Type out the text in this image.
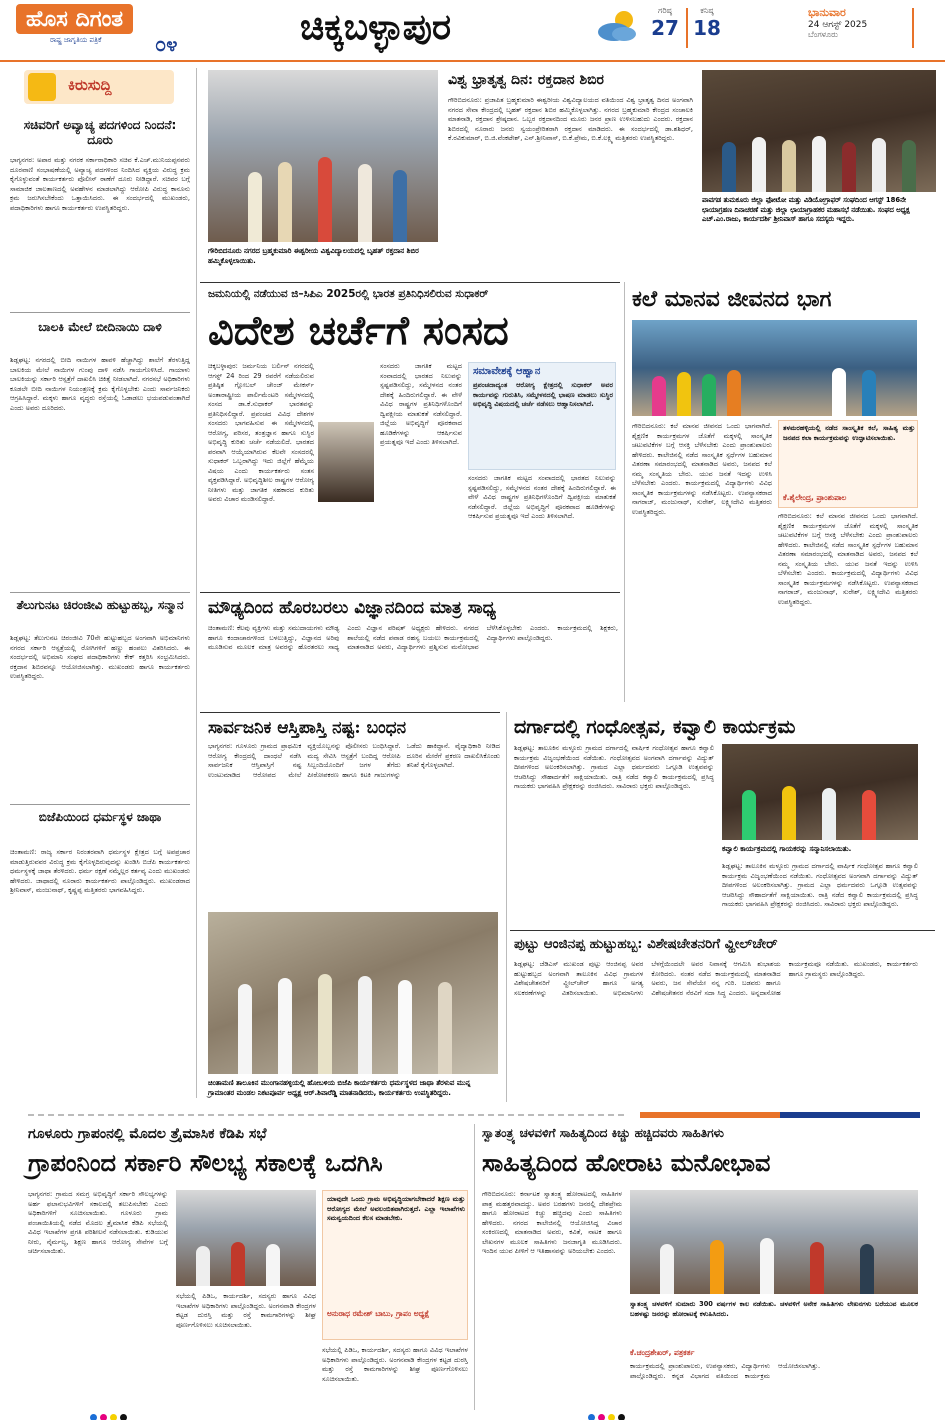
ಹೊಸ ದಿಗಂತ
ರಾಷ್ಟ್ರ ಜಾಗೃತಿಯ ಪತ್ರಿಕೆ	೦೪	ಚಿಕ್ಕಬಳ್ಳಾಪುರ	ಗರಿಷ್ಠ
27
ಕನಿಷ್ಠ
18
ಭಾನುವಾರ
24 ಆಗಸ್ಟ್ 2025
ಬೆಂಗಳೂರು
ಕಿರುಸುದ್ದಿ
ಸಚಿವರಿಗೆ ಅವ್ಯಾಚ್ಯ ಪದಗಳಿಂದ ನಿಂದನೆ: ದೂರು
ಭಾಗ್ಯನಗರ: ಅಪಾರ ಮತ್ತು ನಗರಕ ಸರ್ಕಾರಾಧಿಕಾರಿ ಸಚಿವ ಕೆ.ಎಚ್.ಮುನಿಯಪ್ಪನವರು ದೂರವಾಣಿ ಸಂಭಾಷಣೆಯಲ್ಲಿ ಅವ್ಯಾಚ್ಯ ಪದಗಳಿಂದ ನಿಂದಿಸಿದ ವ್ಯಕ್ತಿಯ ವಿರುದ್ಧ ಕ್ರಮ ಕೈಗೊಳ್ಳುವಂತೆ ಕಾರ್ಯಕರ್ತರು ಪೊಲೀಸ್ ಠಾಣೆಗೆ ದೂರು ನೀಡಿದ್ದಾರೆ. ಸಚಿವರ ಬಗ್ಗೆ ಸಾಮಾಜಿಕ ಜಾಲತಾಣದಲ್ಲಿ ಅವಹೇಳನ ಮಾಡಲಾಗಿದ್ದು ಆರೋಪಿ ವಿರುದ್ಧ ಕಾನೂನು ಕ್ರಮ ಜರುಗಿಸಬೇಕೆಂದು ಒತ್ತಾಯಿಸಿದರು. ಈ ಸಂದರ್ಭದಲ್ಲಿ ಮುಖಂಡರು, ಪದಾಧಿಕಾರಿಗಳು ಹಾಗೂ ಕಾರ್ಯಕರ್ತರು ಉಪಸ್ಥಿತರಿದ್ದರು.
ಬಾಲಕಿ ಮೇಲೆ ಬೀದಿನಾಯಿ ದಾಳಿ
ಶಿಡ್ಲಘಟ್ಟ: ನಗರದಲ್ಲಿ ಬೀದಿ ನಾಯಿಗಳ ಹಾವಳಿ ಹೆಚ್ಚಾಗಿದ್ದು ಶಾಲೆಗೆ ತೆರಳುತ್ತಿದ್ದ ಬಾಲಕಿಯ ಮೇಲೆ ನಾಯಿಗಳ ಗುಂಪು ದಾಳಿ ನಡೆಸಿ ಗಾಯಗೊಳಿಸಿದೆ. ಗಾಯಾಳು ಬಾಲಕಿಯನ್ನು ಸರ್ಕಾರಿ ಆಸ್ಪತ್ರೆಗೆ ದಾಖಲಿಸಿ ಚಿಕಿತ್ಸೆ ನೀಡಲಾಗಿದೆ. ನಗರಸಭೆ ಅಧಿಕಾರಿಗಳು ಕೂಡಲೇ ಬೀದಿ ನಾಯಿಗಳ ನಿಯಂತ್ರಣಕ್ಕೆ ಕ್ರಮ ಕೈಗೊಳ್ಳಬೇಕು ಎಂದು ಸಾರ್ವಜನಿಕರು ಆಗ್ರಹಿಸಿದ್ದಾರೆ. ಮಕ್ಕಳು ಹಾಗೂ ವೃದ್ಧರು ರಸ್ತೆಯಲ್ಲಿ ಓಡಾಡಲು ಭಯಪಡುವಂತಾಗಿದೆ ಎಂದು ಅವರು ದೂರಿದರು.
ತೆಲುಗುನಟ ಚಿರಂಜೀವಿ ಹುಟ್ಟುಹಬ್ಬ, ಸನ್ಮಾನ
ಶಿಡ್ಲಘಟ್ಟ: ತೆಲುಗುನಟ ಚಿರಂಜೀವಿ 70ನೇ ಹುಟ್ಟುಹಬ್ಬದ ಅಂಗವಾಗಿ ಅಭಿಮಾನಿಗಳು ನಗರದ ಸರ್ಕಾರಿ ಆಸ್ಪತ್ರೆಯಲ್ಲಿ ರೋಗಿಗಳಿಗೆ ಹಣ್ಣು ಹಂಪಲು ವಿತರಿಸಿದರು. ಈ ಸಂದರ್ಭದಲ್ಲಿ ಅಭಿಮಾನಿ ಸಂಘದ ಪದಾಧಿಕಾರಿಗಳು ಕೇಕ್ ಕತ್ತರಿಸಿ ಸಂಭ್ರಮಿಸಿದರು. ರಕ್ತದಾನ ಶಿಬಿರವನ್ನೂ ಆಯೋಜಿಸಲಾಗಿತ್ತು. ಮುಖಂಡರು ಹಾಗೂ ಕಾರ್ಯಕರ್ತರು ಉಪಸ್ಥಿತರಿದ್ದರು.
ಬಿಜೆಪಿಯಿಂದ ಧರ್ಮಸ್ಥಳ ಜಾಥಾ
ಚಿಂತಾಮಣಿ: ರಾಜ್ಯ ಸರ್ಕಾರ ನಿರಂತರವಾಗಿ ಧರ್ಮಸ್ಥಳ ಕ್ಷೇತ್ರದ ಬಗ್ಗೆ ಅಪಪ್ರಚಾರ ಮಾಡುತ್ತಿರುವವರ ವಿರುದ್ಧ ಕ್ರಮ ಕೈಗೊಳ್ಳದಿರುವುದನ್ನು ಖಂಡಿಸಿ ಬಿಜೆಪಿ ಕಾರ್ಯಕರ್ತರು ಧರ್ಮಸ್ಥಳಕ್ಕೆ ಜಾಥಾ ತೆರಳಿದರು. ಧರ್ಮ ರಕ್ಷಣೆ ನಮ್ಮೆಲ್ಲರ ಕರ್ತವ್ಯ ಎಂದು ಮುಖಂಡರು ಹೇಳಿದರು. ಜಾಥಾದಲ್ಲಿ ನೂರಾರು ಕಾರ್ಯಕರ್ತರು ಪಾಲ್ಗೊಂಡಿದ್ದರು. ಮುಖಂಡರಾದ ಶ್ರೀನಿವಾಸ್, ಮಂಜುನಾಥ್, ಕೃಷ್ಣಪ್ಪ ಮತ್ತಿತರರು ಭಾಗವಹಿಸಿದ್ದರು.
ಗೌರಿಬಿದನೂರು ನಗರದ ಬ್ರಹ್ಮಕುಮಾರಿ ಈಶ್ವರೀಯ ವಿಶ್ವವಿದ್ಯಾಲಯದಲ್ಲಿ ಬೃಹತ್ ರಕ್ತದಾನ ಶಿಬಿರ ಹಮ್ಮಿಕೊಳ್ಳಲಾಯಿತು.
ವಿಶ್ವ ಭ್ರಾತೃತ್ವ ದಿನ: ರಕ್ತದಾನ ಶಿಬಿರ
ಗೌರಿಬಿದನೂರು: ಪ್ರಜಾಪಿತ ಬ್ರಹ್ಮಕುಮಾರಿ ಈಶ್ವರೀಯ ವಿಶ್ವವಿದ್ಯಾಲಯದ ವತಿಯಿಂದ ವಿಶ್ವ ಭ್ರಾತೃತ್ವ ದಿನದ ಅಂಗವಾಗಿ ನಗರದ ಸೇವಾ ಕೇಂದ್ರದಲ್ಲಿ ಬೃಹತ್ ರಕ್ತದಾನ ಶಿಬಿರ ಹಮ್ಮಿಕೊಳ್ಳಲಾಗಿತ್ತು. ನಗರದ ಬ್ರಹ್ಮಕುಮಾರಿ ಕೇಂದ್ರದ ಸಂಚಾಲಕಿ ಮಾತನಾಡಿ, ರಕ್ತದಾನ ಶ್ರೇಷ್ಠದಾನ. ಒಬ್ಬರ ರಕ್ತದಾನದಿಂದ ಮೂರು ಜನರ ಪ್ರಾಣ ಉಳಿಸಬಹುದು ಎಂದರು. ರಕ್ತದಾನ ಶಿಬಿರದಲ್ಲಿ ನೂರಾರು ಜನರು ಸ್ವಯಂಪ್ರೇರಿತರಾಗಿ ರಕ್ತದಾನ ಮಾಡಿದರು. ಈ ಸಂದರ್ಭದಲ್ಲಿ ಡಾ.ಶಶಿಧರ್, ಕೆ.ರವಿಕುಮಾರ್, ಬಿ.ಜಿ.ವೆಂಕಟೇಶ್, ಎನ್.ಶ್ರೀನಿವಾಸ್, ಬಿ.ಕೆ.ಪ್ರೇಮ, ಬಿ.ಕೆ.ಲಕ್ಷ್ಮಿ ಮತ್ತಿತರರು ಉಪಸ್ಥಿತರಿದ್ದರು.
ಪಾವಗಡ ತುಮಕೂರು ಜಿಲ್ಲಾ ಫೋಟೋ ಮತ್ತು ವಿಡಿಯೋಗ್ರಾಫರ್ ಸಂಘದಿಂದ ಆಗಸ್ಟ್ 186ನೇ ಛಾಯಾಗ್ರಹಣ ದಿನಾಚರಣೆ ಮತ್ತು ಜಿಲ್ಲಾ ಛಾಯಾಗ್ರಾಹಕರ ಮಹಾಸಭೆ ನಡೆಯಿತು. ಸಂಘದ ಅಧ್ಯಕ್ಷ ಎಚ್.ಎಂ.ರಾಜು, ಕಾರ್ಯದರ್ಶಿ ಶ್ರೀನಿವಾಸ್ ಹಾಗೂ ಸದಸ್ಯರು ಇದ್ದರು.
ಜಮನಿಯಲ್ಲಿ ನಡೆಯುವ ಜಿ–ಸಿಪಿಎ 2025ರಲ್ಲಿ ಭಾರತ ಪ್ರತಿನಿಧಿಸಲಿರುವ ಸುಧಾಕರ್
ವಿದೇಶ ಚರ್ಚೆಗೆ ಸಂಸದ
ಚಿಕ್ಕಬಳ್ಳಾಪುರ: ಜರ್ಮನಿಯ ಬರ್ಲಿನ್ ನಗರದಲ್ಲಿ ಆಗಸ್ಟ್ 24 ರಿಂದ 29 ರವರೆಗೆ ನಡೆಯಲಿರುವ ಪ್ರತಿಷ್ಠಿತ ಗ್ಲೋಬಲ್ ಚೇಂಜ್ ಮೇಕರ್ಸ್ ಅಂತಾರಾಷ್ಟ್ರೀಯ ಪಾರ್ಲಿಮೆಂಟರಿ ಸಮ್ಮೇಳನದಲ್ಲಿ ಸಂಸದ ಡಾ.ಕೆ.ಸುಧಾಕರ್ ಭಾರತವನ್ನು ಪ್ರತಿನಿಧಿಸಲಿದ್ದಾರೆ. ಪ್ರಪಂಚದ ವಿವಿಧ ದೇಶಗಳ ಸಂಸದರು ಭಾಗವಹಿಸುವ ಈ ಸಮ್ಮೇಳನದಲ್ಲಿ ಆರೋಗ್ಯ, ಪರಿಸರ, ತಂತ್ರಜ್ಞಾನ ಹಾಗೂ ಸುಸ್ಥಿರ ಅಭಿವೃದ್ಧಿ ಕುರಿತು ಚರ್ಚೆ ನಡೆಯಲಿದೆ. ಭಾರತದ ಪರವಾಗಿ ಆಯ್ಕೆಯಾಗಿರುವ ಕೆಲವೇ ಸಂಸದರಲ್ಲಿ ಸುಧಾಕರ್ ಒಬ್ಬರಾಗಿದ್ದು ಇದು ಜಿಲ್ಲೆಗೆ ಹೆಮ್ಮೆಯ ವಿಷಯ ಎಂದು ಕಾರ್ಯಕರ್ತರು ಸಂತಸ ವ್ಯಕ್ತಪಡಿಸಿದ್ದಾರೆ. ಅಭಿವೃದ್ಧಿಶೀಲ ರಾಷ್ಟ್ರಗಳ ಆರೋಗ್ಯ ನೀತಿಗಳು ಮತ್ತು ಜಾಗತಿಕ ಸಹಕಾರದ ಕುರಿತು ಅವರು ವಿಚಾರ ಮಂಡಿಸಲಿದ್ದಾರೆ.
ಸಂಸದರು ಜಾಗತಿಕ ಮಟ್ಟದ ಸಂವಾದದಲ್ಲಿ ಭಾರತದ ನಿಲುವನ್ನು ಸ್ಪಷ್ಟಪಡಿಸಲಿದ್ದು, ಸಮ್ಮೇಳನದ ನಂತರ ದೇಶಕ್ಕೆ ಹಿಂದಿರುಗಲಿದ್ದಾರೆ. ಈ ವೇಳೆ ವಿವಿಧ ರಾಷ್ಟ್ರಗಳ ಪ್ರತಿನಿಧಿಗಳೊಂದಿಗೆ ದ್ವಿಪಕ್ಷೀಯ ಮಾತುಕತೆ ನಡೆಸಲಿದ್ದಾರೆ. ಜಿಲ್ಲೆಯ ಅಭಿವೃದ್ಧಿಗೆ ಪೂರಕವಾದ ಹೂಡಿಕೆಗಳನ್ನು ಆಕರ್ಷಿಸುವ ಪ್ರಯತ್ನವೂ ಇದೆ ಎಂದು ತಿಳಿಸಲಾಗಿದೆ.
ಸಮಾವೇಶಕ್ಕೆ ಆಹ್ವಾನ
ಪ್ರಪಂಚದಾದ್ಯಂತ ಆರೋಗ್ಯ ಕ್ಷೇತ್ರದಲ್ಲಿ ಸುಧಾಕರ್ ಅವರ ಕಾರ್ಯವನ್ನು ಗುರುತಿಸಿ, ಸಮ್ಮೇಳನದಲ್ಲಿ ಭಾಷಣ ಮಾಡಲು ಸುಸ್ಥಿರ ಅಭಿವೃದ್ಧಿ ವಿಷಯದಲ್ಲಿ ಚರ್ಚೆ ನಡೆಸಲು ಆಹ್ವಾನಿಸಲಾಗಿದೆ.
ಸಂಸದರು ಜಾಗತಿಕ ಮಟ್ಟದ ಸಂವಾದದಲ್ಲಿ ಭಾರತದ ನಿಲುವನ್ನು ಸ್ಪಷ್ಟಪಡಿಸಲಿದ್ದು, ಸಮ್ಮೇಳನದ ನಂತರ ದೇಶಕ್ಕೆ ಹಿಂದಿರುಗಲಿದ್ದಾರೆ. ಈ ವೇಳೆ ವಿವಿಧ ರಾಷ್ಟ್ರಗಳ ಪ್ರತಿನಿಧಿಗಳೊಂದಿಗೆ ದ್ವಿಪಕ್ಷೀಯ ಮಾತುಕತೆ ನಡೆಸಲಿದ್ದಾರೆ. ಜಿಲ್ಲೆಯ ಅಭಿವೃದ್ಧಿಗೆ ಪೂರಕವಾದ ಹೂಡಿಕೆಗಳನ್ನು ಆಕರ್ಷಿಸುವ ಪ್ರಯತ್ನವೂ ಇದೆ ಎಂದು ತಿಳಿಸಲಾಗಿದೆ.
ಮೌಢ್ಯದಿಂದ ಹೊರಬರಲು ವಿಜ್ಞಾನದಿಂದ ಮಾತ್ರ ಸಾಧ್ಯ
ಚಿಂತಾಮಣಿ: ಕೆಲವು ವ್ಯಕ್ತಿಗಳು ಮತ್ತು ಸಮುದಾಯಗಳು ಮೌಢ್ಯ ಹಾಗೂ ಕಂದಾಚಾರಗಳಿಂದ ಬಳಲುತ್ತಿದ್ದು, ವಿಜ್ಞಾನದ ಅರಿವು ಮೂಡಿಸುವ ಮೂಲಕ ಮಾತ್ರ ಅವರನ್ನು ಹೊರತರಲು ಸಾಧ್ಯ ಎಂದು ವಿಜ್ಞಾನ ಪರಿಷತ್ ಅಧ್ಯಕ್ಷರು ಹೇಳಿದರು. ನಗರದ ಶಾಲೆಯಲ್ಲಿ ನಡೆದ ಪವಾಡ ರಹಸ್ಯ ಬಯಲು ಕಾರ್ಯಕ್ರಮದಲ್ಲಿ ಮಾತನಾಡಿದ ಅವರು, ವಿದ್ಯಾರ್ಥಿಗಳು ಪ್ರಶ್ನಿಸುವ ಮನೋಭಾವ ಬೆಳೆಸಿಕೊಳ್ಳಬೇಕು ಎಂದರು. ಕಾರ್ಯಕ್ರಮದಲ್ಲಿ ಶಿಕ್ಷಕರು, ವಿದ್ಯಾರ್ಥಿಗಳು ಪಾಲ್ಗೊಂಡಿದ್ದರು.
ಕಲೆ ಮಾನವ ಜೀವನದ ಭಾಗ
ಗೌರಿಬಿದನೂರು: ಕಲೆ ಮಾನವ ಜೀವನದ ಒಂದು ಭಾಗವಾಗಿದೆ. ಶೈಕ್ಷಣಿಕ ಕಾರ್ಯಕ್ರಮಗಳ ಜೊತೆಗೆ ಮಕ್ಕಳಲ್ಲಿ ಸಾಂಸ್ಕೃತಿಕ ಚಟುವಟಿಕೆಗಳ ಬಗ್ಗೆ ಆಸಕ್ತಿ ಬೆಳೆಸಬೇಕು ಎಂದು ಪ್ರಾಂಶುಪಾಲರು ಹೇಳಿದರು. ಕಾಲೇಜಿನಲ್ಲಿ ನಡೆದ ಸಾಂಸ್ಕೃತಿಕ ಸ್ಪರ್ಧೆಗಳ ಬಹುಮಾನ ವಿತರಣಾ ಸಮಾರಂಭದಲ್ಲಿ ಮಾತನಾಡಿದ ಅವರು, ಜನಪದ ಕಲೆ ನಮ್ಮ ಸಂಸ್ಕೃತಿಯ ಬೇರು. ಯುವ ಜನತೆ ಇದನ್ನು ಉಳಿಸಿ ಬೆಳೆಸಬೇಕು ಎಂದರು. ಕಾರ್ಯಕ್ರಮದಲ್ಲಿ ವಿದ್ಯಾರ್ಥಿಗಳು ವಿವಿಧ ಸಾಂಸ್ಕೃತಿಕ ಕಾರ್ಯಕ್ರಮಗಳನ್ನು ನಡೆಸಿಕೊಟ್ಟರು. ಉಪನ್ಯಾಸಕರಾದ ನಾಗರಾಜ್, ಮಂಜುನಾಥ್, ಸುರೇಶ್, ಲಕ್ಷ್ಮೀದೇವಿ ಮತ್ತಿತರರು ಉಪಸ್ಥಿತರಿದ್ದರು.
ತಳಮರಹಳ್ಳಿಯಲ್ಲಿ ನಡೆದ ಸಾಂಸ್ಕೃತಿಕ ಕಲೆ, ಸಾಹಿತ್ಯ ಮತ್ತು ಜನಪದ ಕಲಾ ಕಾರ್ಯಕ್ರಮವನ್ನು ಉದ್ಘಾಟಿಸಲಾಯಿತು.
ಕೆ.ಶೈಲೇಂದ್ರ, ಪ್ರಾಂಶುಪಾಲ
ಗೌರಿಬಿದನೂರು: ಕಲೆ ಮಾನವ ಜೀವನದ ಒಂದು ಭಾಗವಾಗಿದೆ. ಶೈಕ್ಷಣಿಕ ಕಾರ್ಯಕ್ರಮಗಳ ಜೊತೆಗೆ ಮಕ್ಕಳಲ್ಲಿ ಸಾಂಸ್ಕೃತಿಕ ಚಟುವಟಿಕೆಗಳ ಬಗ್ಗೆ ಆಸಕ್ತಿ ಬೆಳೆಸಬೇಕು ಎಂದು ಪ್ರಾಂಶುಪಾಲರು ಹೇಳಿದರು. ಕಾಲೇಜಿನಲ್ಲಿ ನಡೆದ ಸಾಂಸ್ಕೃತಿಕ ಸ್ಪರ್ಧೆಗಳ ಬಹುಮಾನ ವಿತರಣಾ ಸಮಾರಂಭದಲ್ಲಿ ಮಾತನಾಡಿದ ಅವರು, ಜನಪದ ಕಲೆ ನಮ್ಮ ಸಂಸ್ಕೃತಿಯ ಬೇರು. ಯುವ ಜನತೆ ಇದನ್ನು ಉಳಿಸಿ ಬೆಳೆಸಬೇಕು ಎಂದರು. ಕಾರ್ಯಕ್ರಮದಲ್ಲಿ ವಿದ್ಯಾರ್ಥಿಗಳು ವಿವಿಧ ಸಾಂಸ್ಕೃತಿಕ ಕಾರ್ಯಕ್ರಮಗಳನ್ನು ನಡೆಸಿಕೊಟ್ಟರು. ಉಪನ್ಯಾಸಕರಾದ ನಾಗರಾಜ್, ಮಂಜುನಾಥ್, ಸುರೇಶ್, ಲಕ್ಷ್ಮೀದೇವಿ ಮತ್ತಿತರರು ಉಪಸ್ಥಿತರಿದ್ದರು.
ಸಾರ್ವಜನಿಕ ಆಸ್ತಿಪಾಸ್ತಿ ನಷ್ಟ: ಬಂಧನ
ಭಾಗ್ಯನಗರ: ಗೂಳೂರು ಗ್ರಾಮದ ಪ್ರಾಥಮಿಕ ಆರೋಗ್ಯ ಕೇಂದ್ರದಲ್ಲಿ ದಾಂಧಲೆ ನಡೆಸಿ ಸಾರ್ವಜನಿಕ ಆಸ್ತಿಪಾಸ್ತಿಗೆ ನಷ್ಟ ಉಂಟುಮಾಡಿದ ಆರೋಪದ ಮೇಲೆ ವ್ಯಕ್ತಿಯೊಬ್ಬನನ್ನು ಪೊಲೀಸರು ಬಂಧಿಸಿದ್ದಾರೆ. ಮದ್ಯ ಸೇವಿಸಿ ಆಸ್ಪತ್ರೆಗೆ ಬಂದಿದ್ದ ಆರೋಪಿ ಸಿಬ್ಬಂದಿಯೊಂದಿಗೆ ಜಗಳ ತೆಗೆದು ಪೀಠೋಪಕರಣ ಹಾಗೂ ಕಿಟಕಿ ಗಾಜುಗಳನ್ನು ಒಡೆದು ಹಾಕಿದ್ದಾನೆ. ವೈದ್ಯಾಧಿಕಾರಿ ನೀಡಿದ ದೂರಿನ ಮೇರೆಗೆ ಪ್ರಕರಣ ದಾಖಲಿಸಿಕೊಂಡು ತನಿಖೆ ಕೈಗೊಳ್ಳಲಾಗಿದೆ.
ಚಿಂತಾಮಣಿ ತಾಲೂಕಿನ ಮುಂಗಾನಹಳ್ಳಿಯಲ್ಲಿ ಹೋಬಳಿಯ ಬಿಜೆಪಿ ಕಾರ್ಯಕರ್ತರು ಧರ್ಮಸ್ಥಳದ ಜಾಥಾ ತೆರಳುವ ಮುನ್ನ ಗ್ರಾಮಾಂತರ ಮಂಡಲ ನಿಕಟಪೂರ್ವ ಅಧ್ಯಕ್ಷ ಆರ್.ಶಿವಾರೆಡ್ಡಿ ಮಾತನಾಡಿದರು, ಕಾರ್ಯಕರ್ತರು ಉಪಸ್ಥಿತರಿದ್ದರು.
ದರ್ಗಾದಲ್ಲಿ ಗಂಧೋತ್ಸವ, ಕವ್ವಾಲಿ ಕಾರ್ಯಕ್ರಮ
ಶಿಡ್ಲಘಟ್ಟ: ತಾಲೂಕಿನ ಮಳ್ಳೂರು ಗ್ರಾಮದ ದರ್ಗಾದಲ್ಲಿ ವಾರ್ಷಿಕ ಗಂಧೋತ್ಸವ ಹಾಗೂ ಕವ್ವಾಲಿ ಕಾರ್ಯಕ್ರಮ ವಿಜೃಂಭಣೆಯಿಂದ ನಡೆಯಿತು. ಗಂಧೋತ್ಸವದ ಅಂಗವಾಗಿ ದರ್ಗಾವನ್ನು ವಿದ್ಯುತ್ ದೀಪಗಳಿಂದ ಅಲಂಕರಿಸಲಾಗಿತ್ತು. ಗ್ರಾಮದ ಎಲ್ಲಾ ಧರ್ಮದವರು ಒಗ್ಗೂಡಿ ಉತ್ಸವವನ್ನು ಆಚರಿಸಿದ್ದು ಸೌಹಾರ್ದತೆಗೆ ಸಾಕ್ಷಿಯಾಯಿತು. ರಾತ್ರಿ ನಡೆದ ಕವ್ವಾಲಿ ಕಾರ್ಯಕ್ರಮದಲ್ಲಿ ಪ್ರಸಿದ್ಧ ಗಾಯಕರು ಭಾಗವಹಿಸಿ ಪ್ರೇಕ್ಷಕರನ್ನು ರಂಜಿಸಿದರು. ಸಾವಿರಾರು ಭಕ್ತರು ಪಾಲ್ಗೊಂಡಿದ್ದರು.
ಕವ್ವಾಲಿ ಕಾರ್ಯಕ್ರಮದಲ್ಲಿ ಗಾಯಕರನ್ನು ಸನ್ಮಾನಿಸಲಾಯಿತು.
ಶಿಡ್ಲಘಟ್ಟ: ತಾಲೂಕಿನ ಮಳ್ಳೂರು ಗ್ರಾಮದ ದರ್ಗಾದಲ್ಲಿ ವಾರ್ಷಿಕ ಗಂಧೋತ್ಸವ ಹಾಗೂ ಕವ್ವಾಲಿ ಕಾರ್ಯಕ್ರಮ ವಿಜೃಂಭಣೆಯಿಂದ ನಡೆಯಿತು. ಗಂಧೋತ್ಸವದ ಅಂಗವಾಗಿ ದರ್ಗಾವನ್ನು ವಿದ್ಯುತ್ ದೀಪಗಳಿಂದ ಅಲಂಕರಿಸಲಾಗಿತ್ತು. ಗ್ರಾಮದ ಎಲ್ಲಾ ಧರ್ಮದವರು ಒಗ್ಗೂಡಿ ಉತ್ಸವವನ್ನು ಆಚರಿಸಿದ್ದು ಸೌಹಾರ್ದತೆಗೆ ಸಾಕ್ಷಿಯಾಯಿತು. ರಾತ್ರಿ ನಡೆದ ಕವ್ವಾಲಿ ಕಾರ್ಯಕ್ರಮದಲ್ಲಿ ಪ್ರಸಿದ್ಧ ಗಾಯಕರು ಭಾಗವಹಿಸಿ ಪ್ರೇಕ್ಷಕರನ್ನು ರಂಜಿಸಿದರು. ಸಾವಿರಾರು ಭಕ್ತರು ಪಾಲ್ಗೊಂಡಿದ್ದರು.
ಪುಟ್ಟು ಆಂಜಿನಪ್ಪ ಹುಟ್ಟುಹಬ್ಬ: ವಿಶೇಷಚೇತನರಿಗೆ ವ್ಹೀಲ್‌ಚೇರ್
ಶಿಡ್ಲಘಟ್ಟ: ಜೆಡಿಎಸ್ ಮುಖಂಡ ಪುಟ್ಟು ಆಂಜಿನಪ್ಪ ಅವರ ಹುಟ್ಟುಹಬ್ಬದ ಅಂಗವಾಗಿ ತಾಲೂಕಿನ ವಿವಿಧ ಗ್ರಾಮಗಳ ವಿಶೇಷಚೇತನರಿಗೆ ವ್ಹೀಲ್‌ಚೇರ್ ಹಾಗೂ ಅಗತ್ಯ ಸಲಕರಣೆಗಳನ್ನು ವಿತರಿಸಲಾಯಿತು. ಅಭಿಮಾನಿಗಳು ಬೆಳಗ್ಗೆಯಿಂದಲೇ ಅವರ ನಿವಾಸಕ್ಕೆ ಆಗಮಿಸಿ ಶುಭಾಶಯ ಕೋರಿದರು. ನಂತರ ನಡೆದ ಕಾರ್ಯಕ್ರಮದಲ್ಲಿ ಮಾತನಾಡಿದ ಅವರು, ಜನ ಸೇವೆಯೇ ನನ್ನ ಗುರಿ. ಬಡವರು ಹಾಗೂ ವಿಶೇಷಚೇತನರ ನೆರವಿಗೆ ಸದಾ ಸಿದ್ಧ ಎಂದರು. ಅನ್ನದಾಸೋಹ ಕಾರ್ಯಕ್ರಮವೂ ನಡೆಯಿತು. ಮುಖಂಡರು, ಕಾರ್ಯಕರ್ತರು ಹಾಗೂ ಗ್ರಾಮಸ್ಥರು ಪಾಲ್ಗೊಂಡಿದ್ದರು.
ಗೂಳೂರು ಗ್ರಾಪಂನಲ್ಲಿ ಮೊದಲ ತ್ರೈಮಾಸಿಕ ಕೆಡಿಪಿ ಸಭೆ
ಗ್ರಾಪಂನಿಂದ ಸರ್ಕಾರಿ ಸೌಲಭ್ಯ ಸಕಾಲಕ್ಕೆ ಒದಗಿಸಿ
ಭಾಗ್ಯನಗರ: ಗ್ರಾಮದ ಸಮಗ್ರ ಅಭಿವೃದ್ಧಿಗೆ ಸರ್ಕಾರಿ ಸೌಲಭ್ಯಗಳನ್ನು ಅರ್ಹ ಫಲಾನುಭವಿಗಳಿಗೆ ಸಕಾಲದಲ್ಲಿ ತಲುಪಿಸಬೇಕು ಎಂದು ಅಧಿಕಾರಿಗಳಿಗೆ ಸೂಚಿಸಲಾಯಿತು. ಗೂಳೂರು ಗ್ರಾಮ ಪಂಚಾಯಿತಿಯಲ್ಲಿ ನಡೆದ ಮೊದಲ ತ್ರೈಮಾಸಿಕ ಕೆಡಿಪಿ ಸಭೆಯಲ್ಲಿ ವಿವಿಧ ಇಲಾಖೆಗಳ ಪ್ರಗತಿ ಪರಿಶೀಲನೆ ನಡೆಸಲಾಯಿತು. ಕುಡಿಯುವ ನೀರು, ನೈರ್ಮಲ್ಯ, ಶಿಕ್ಷಣ ಹಾಗೂ ಆರೋಗ್ಯ ಸೇವೆಗಳ ಬಗ್ಗೆ ಚರ್ಚಿಸಲಾಯಿತು.
ಸಭೆಯಲ್ಲಿ ಪಿಡಿಒ, ಕಾರ್ಯದರ್ಶಿ, ಸದಸ್ಯರು ಹಾಗೂ ವಿವಿಧ ಇಲಾಖೆಗಳ ಅಧಿಕಾರಿಗಳು ಪಾಲ್ಗೊಂಡಿದ್ದರು. ಅಂಗನವಾಡಿ ಕೇಂದ್ರಗಳ ಕಟ್ಟಡ ದುರಸ್ತಿ ಮತ್ತು ರಸ್ತೆ ಕಾಮಗಾರಿಗಳನ್ನು ಶೀಘ್ರ ಪೂರ್ಣಗೊಳಿಸಲು ಸೂಚಿಸಲಾಯಿತು.
ಯಾವುದೇ ಒಂದು ಗ್ರಾಮ ಅಭಿವೃದ್ಧಿಯಾಗಬೇಕಾದರೆ ಶಿಕ್ಷಣ ಮತ್ತು ಆರೋಗ್ಯದ ಮೇಲೆ ಅವಲಂಬಿತವಾಗಿರುತ್ತದೆ. ಎಲ್ಲಾ ಇಲಾಖೆಗಳು ಸಮನ್ವಯದಿಂದ ಕೆಲಸ ಮಾಡಬೇಕು.
ಅನುರಾಧ ರಮೇಶ್ ಬಾಬು, ಗ್ರಾಪಂ ಅಧ್ಯಕ್ಷೆ
ಸಭೆಯಲ್ಲಿ ಪಿಡಿಒ, ಕಾರ್ಯದರ್ಶಿ, ಸದಸ್ಯರು ಹಾಗೂ ವಿವಿಧ ಇಲಾಖೆಗಳ ಅಧಿಕಾರಿಗಳು ಪಾಲ್ಗೊಂಡಿದ್ದರು. ಅಂಗನವಾಡಿ ಕೇಂದ್ರಗಳ ಕಟ್ಟಡ ದುರಸ್ತಿ ಮತ್ತು ರಸ್ತೆ ಕಾಮಗಾರಿಗಳನ್ನು ಶೀಘ್ರ ಪೂರ್ಣಗೊಳಿಸಲು ಸೂಚಿಸಲಾಯಿತು.
ಸ್ವಾತಂತ್ರ್ಯ ಚಳವಳಿಗೆ ಸಾಹಿತ್ಯದಿಂದ ಕಿಚ್ಚು ಹಚ್ಚಿದವರು ಸಾಹಿತಿಗಳು
ಸಾಹಿತ್ಯದಿಂದ ಹೋರಾಟ ಮನೋಭಾವ
ಗೌರಿಬಿದನೂರು: ಕರ್ನಾಟಕ ಸ್ವಾತಂತ್ರ್ಯ ಹೋರಾಟದಲ್ಲಿ ಸಾಹಿತಿಗಳ ಪಾತ್ರ ಮಹತ್ತರವಾದದ್ದು. ಅವರ ಬರಹಗಳು ಜನರಲ್ಲಿ ದೇಶಪ್ರೇಮ ಹಾಗೂ ಹೋರಾಟದ ಕಿಚ್ಚು ಹಚ್ಚಿದವು ಎಂದು ಸಾಹಿತಿಗಳು ಹೇಳಿದರು. ನಗರದ ಕಾಲೇಜಿನಲ್ಲಿ ಆಯೋಜಿಸಿದ್ದ ವಿಚಾರ ಸಂಕಿರಣದಲ್ಲಿ ಮಾತನಾಡಿದ ಅವರು, ಕವಿತೆ, ನಾಟಕ ಹಾಗೂ ಲೇಖನಗಳ ಮೂಲಕ ಸಾಹಿತಿಗಳು ಜನಜಾಗೃತಿ ಮೂಡಿಸಿದರು. ಇಂದಿನ ಯುವ ಪೀಳಿಗೆ ಆ ಇತಿಹಾಸವನ್ನು ಅರಿಯಬೇಕು ಎಂದರು.
ಸ್ವಾತಂತ್ರ್ಯ ಚಳವಳಿಗೆ ಸುಮಾರು 300 ವರ್ಷಗಳ ಕಾಲ ನಡೆಯಿತು. ಚಳವಳಿಗೆ ಅನೇಕ ಸಾಹಿತಿಗಳು ಲೇಖನಗಳು ಬರೆಯುವ ಮೂಲಕ ಬಹಳಷ್ಟು ಜನರನ್ನು ಹೋರಾಟಕ್ಕೆ ಕಳುಹಿಸಿದರು.
ಕೆ.ಚಂದ್ರಶೇಖರ್, ಪತ್ರಕರ್ತ
ಕಾರ್ಯಕ್ರಮದಲ್ಲಿ ಪ್ರಾಂಶುಪಾಲರು, ಉಪನ್ಯಾಸಕರು, ವಿದ್ಯಾರ್ಥಿಗಳು ಪಾಲ್ಗೊಂಡಿದ್ದರು. ಕನ್ನಡ ವಿಭಾಗದ ವತಿಯಿಂದ ಕಾರ್ಯಕ್ರಮ ಆಯೋಜಿಸಲಾಗಿತ್ತು.
